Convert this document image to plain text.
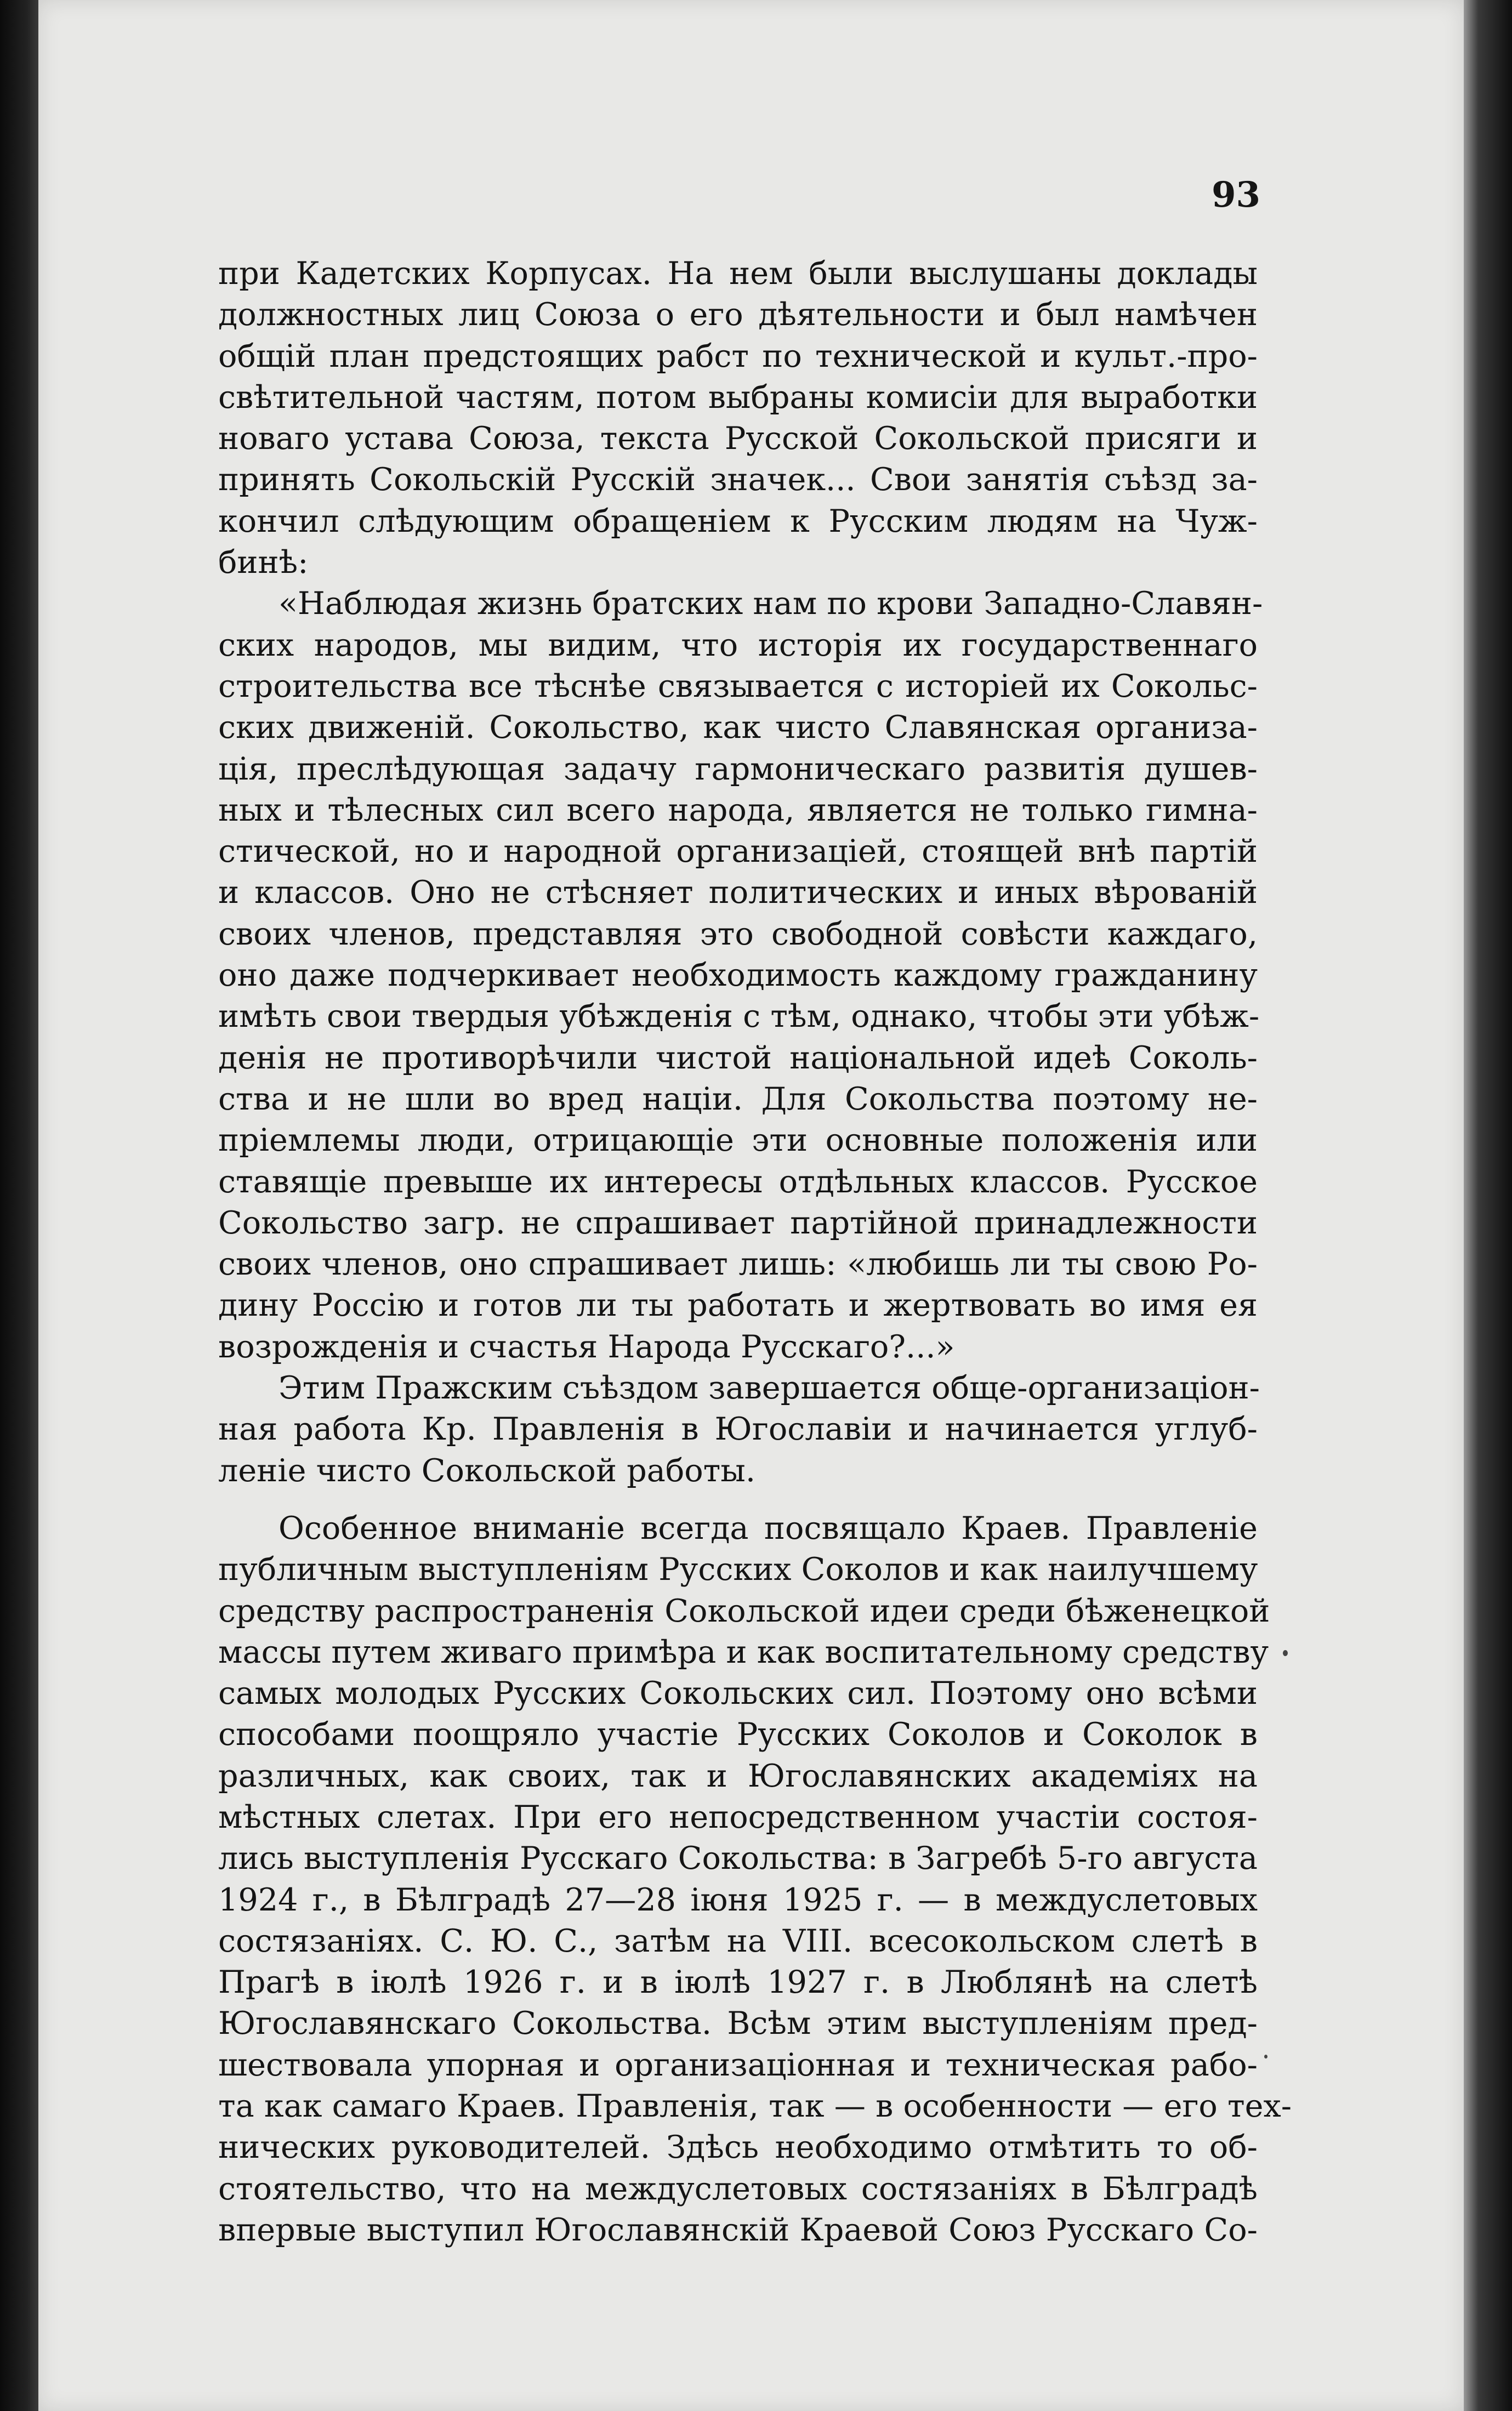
93
при Кадетских Корпусах. На нем были выслушаны доклады
должностных лиц Союза о его дѣятельности и был намѣчен
общій план предстоящих рабст по технической и культ.-про-
свѣтительной частям, потом выбраны комисіи для выработки
новаго устава Союза, текста Русской Сокольской присяги и
принять Сокольскій Русскій значек... Свои занятія съѣзд за-
кончил слѣдующим обращеніем к Русским людям на Чуж-
бинѣ:
«Наблюдая жизнь братских нам по крови Западно-Славян-
ских народов, мы видим, что исторія их государственнаго
строительства все тѣснѣе связывается с исторіей их Сокольс-
ских движеній. Сокольство, как чисто Славянская организа-
ція, преслѣдующая задачу гармоническаго развитія душев-
ных и тѣлесных сил всего народа, является не только гимна-
стической, но и народной организаціей, стоящей внѣ партій
и классов. Оно не стѣсняет политических и иных вѣрованій
своих членов, представляя это свободной совѣсти каждаго,
оно даже подчеркивает необходимость каждому гражданину
имѣть свои твердыя убѣжденія с тѣм, однако, чтобы эти убѣж-
денія не противорѣчили чистой національной идеѣ Соколь-
ства и не шли во вред націи. Для Сокольства поэтому не-
пріемлемы люди, отрицающіе эти основные положенія или
ставящіе превыше их интересы отдѣльных классов. Русское
Сокольство загр. не спрашивает партійной принадлежности
своих членов, оно спрашивает лишь: «любишь ли ты свою Ро-
дину Россію и готов ли ты работать и жертвовать во имя ея
возрожденія и счастья Народа Русскаго?...»
Этим Пражским съѣздом завершается обще-организаціон-
ная работа Кр. Правленія в Югославіи и начинается углуб-
леніе чисто Сокольской работы.
Особенное вниманіе всегда посвящало Краев. Правленіе
публичным выступленіям Русских Соколов и как наилучшему
средству распространенія Сокольской идеи среди бѣженецкой
массы путем живаго примѣра и как воспитательному средству
самых молодых Русских Сокольских сил. Поэтому оно всѣми
способами поощряло участіе Русских Соколов и Соколок в
различных, как своих, так и Югославянских академіях на
мѣстных слетах. При его непосредственном участіи состоя-
лись выступленія Русскаго Сокольства: в Загребѣ 5-го августа
1924 г., в Бѣлградѣ 27—28 іюня 1925 г. — в междуслетовых
состязаніях. С. Ю. С., затѣм на VIII. всесокольском слетѣ в
Прагѣ в іюлѣ 1926 г. и в іюлѣ 1927 г. в Люблянѣ на слетѣ
Югославянскаго Сокольства. Всѣм этим выступленіям пред-
шествовала упорная и организаціонная и техническая рабо-
та как самаго Краев. Правленія, так — в особенности — его тех-
нических руководителей. Здѣсь необходимо отмѣтить то об-
стоятельство, что на междуслетовых состязаніях в Бѣлградѣ
впервые выступил Югославянскій Краевой Союз Русскаго Со-
